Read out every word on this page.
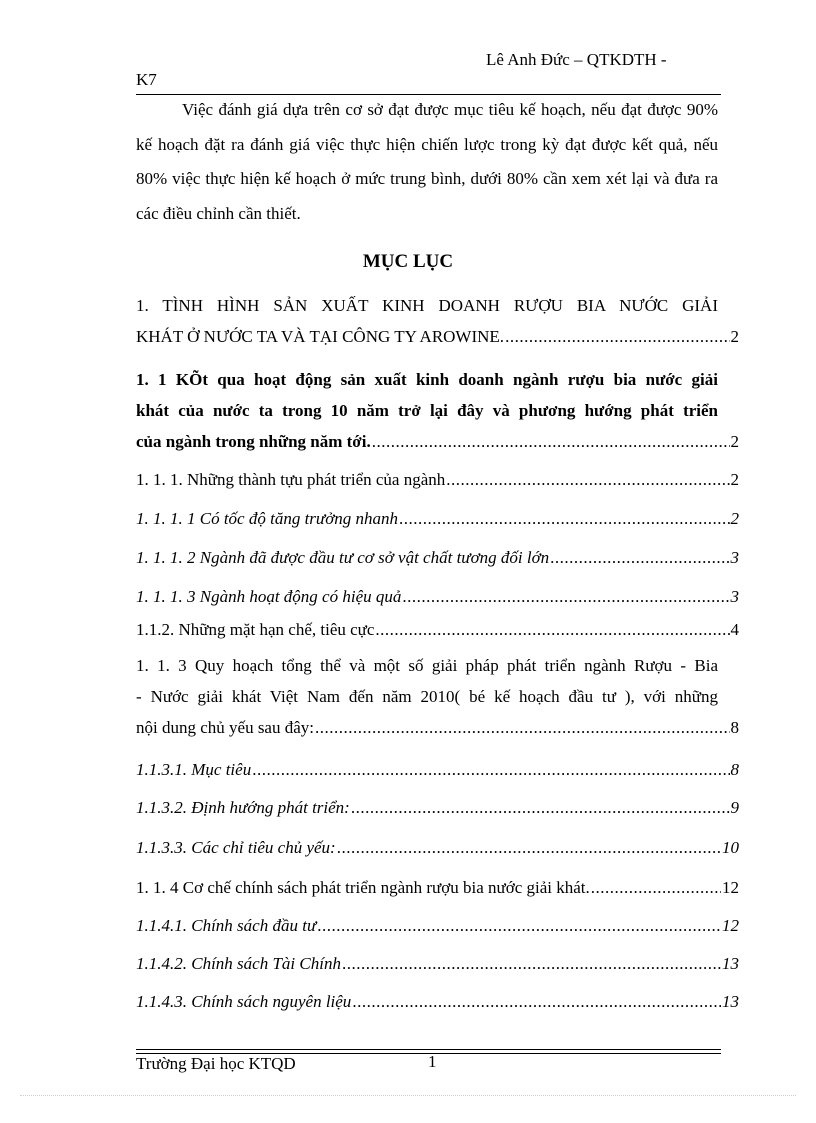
Lê Anh Đức – QTKDTH -
K7

Việc đánh giá dựa trên cơ sở đạt được mục tiêu kế hoạch, nếu đạt được 90% kế hoạch đặt ra đánh giá việc thực hiện chiến lược trong kỳ đạt được kết quả, nếu 80% việc thực hiện kế hoạch ở mức trung bình, dưới 80% cần xem xét lại và đưa ra các điều chỉnh cần thiết.

MỤC LỤC
1. TÌNH HÌNH SẢN XUẤT KINH DOANH RƯỢU BIA NƯỚC GIẢI
KHÁT Ở NƯỚC TA VÀ TẠI CÔNG TY AROWINE. .....	2
1. 1 KÕt qua hoạt động sản xuất kinh doanh ngành rượu bia nước giải
khát của nước ta trong 10 năm trở lại đây và phương hướng phát triển
của ngành trong những năm tới. .....	2
1. 1. 1. Những thành tựu phát triển của ngành .....	2
1. 1. 1. 1 Có tốc độ tăng trưởng nhanh .....	2
1. 1. 1. 2 Ngành đã được đầu tư cơ sở vật chất tương đối lớn .....	3
1. 1. 1. 3 Ngành hoạt động có hiệu quả .....	3
1.1.2. Những mặt hạn chế, tiêu cực .....	4
1. 1. 3 Quy hoạch tổng thể và một số giải pháp phát triển ngành Rượu - Bia
- Nước giải khát Việt Nam đến năm 2010( bé kế hoạch đầu tư ), với những
nội dung chủ yếu sau đây: .....	8
1.1.3.1. Mục tiêu .....	8
1.1.3.2. Định hướng phát triển: .....	9
1.1.3.3. Các chỉ tiêu chủ yếu: .....	10
1. 1. 4 Cơ chế chính sách phát triển ngành rượu bia nước giải khát. .....	12
1.1.4.1. Chính sách đầu tư .....	12
1.1.4.2. Chính sách Tài Chính .....	13
1.1.4.3. Chính sách nguyên liệu .....	13
Trường Đại học KTQD	1
